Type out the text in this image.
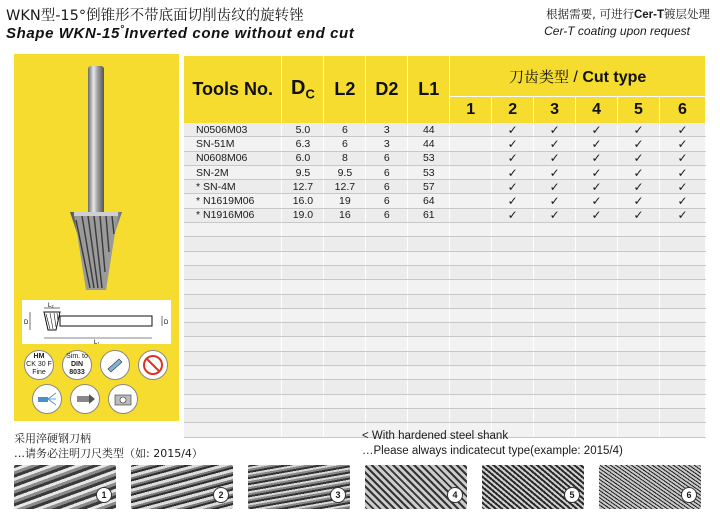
WKN型-15°倒锥形不带底面切削齿纹的旋转锉
Shape WKN-15°Inverted cone without end cut
根据需要, 可进行Cer-T镀层处理
Cer-T coating upon request
L₂
L₁
D	D
HM
CK 30 F
Fine
Sim. to
DIN
8033
Tools No.	$D_C$	L2	D2	L1	刀齿类型 / Cut type					
					1	2	3	4	5	6
N0506M03	5.0	6	3	44		✓	✓	✓	✓	✓
SN-51M	6.3	6	3	44		✓	✓	✓	✓	✓
N0608M06	6.0	8	6	53		✓	✓	✓	✓	✓
SN-2M	9.5	9.5	6	53		✓	✓	✓	✓	✓
* SN-4M	12.7	12.7	6	57		✓	✓	✓	✓	✓
* N1619M06	16.0	19	6	64		✓	✓	✓	✓	✓
* N1916M06	19.0	16	6	61		✓	✓	✓	✓	✓

采用淬硬钢刀柄
…请务必注明刀尺类型（如: 2015/4）
< With hardened steel shank
…Please always indicatecut type(example: 2015/4)
1	2	3	4	5	6
